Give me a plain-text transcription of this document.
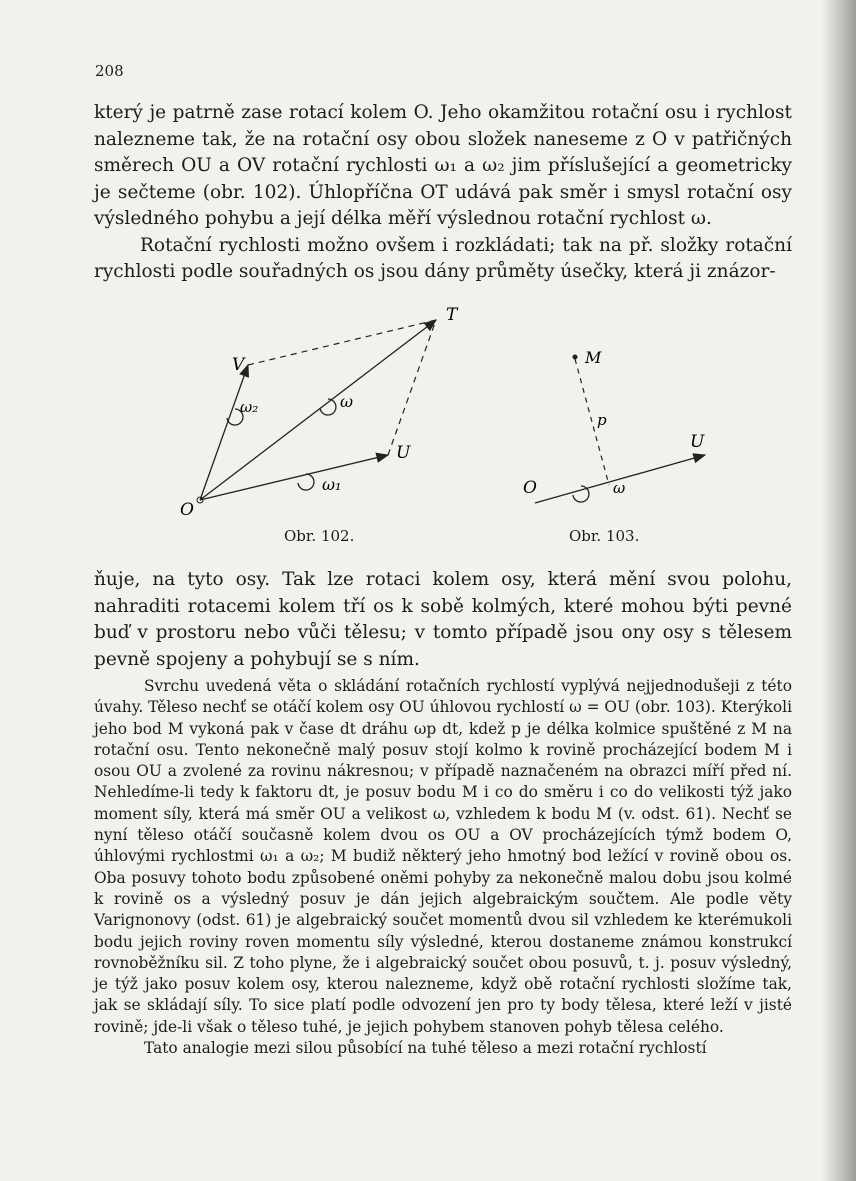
208

který je patrně zase rotací kolem O. Jeho okamžitou rotační osu i rychlost nalezneme tak, že na rotační osy obou složek naneseme z O v patřičných směrech OU a OV rotační rychlosti ω₁ a ω₂ jim příslušející a geometricky je sečteme (obr. 102). Úhlopříčna OT udává pak směr i smysl rotační osy výsledného pohybu a její délka měří výslednou rotační rychlost ω.

Rotační rychlosti možno ovšem i rozkládati; tak na př. složky rotační rychlosti podle souřadných os jsou dány průměty úsečky, která ji znázor-

T
V
U
O
ω
ω₁
ω₂
M
p
U
O	ω
Obr. 102.	Obr. 103.

ňuje, na tyto osy. Tak lze rotaci kolem osy, která mění svou polohu, nahraditi rotacemi kolem tří os k sobě kolmých, které mohou býti pevné buď v prostoru nebo vůči tělesu; v tomto případě jsou ony osy s tělesem pevně spojeny a pohybují se s ním.

Svrchu uvedená věta o skládání rotačních rychlostí vyplývá nejjednodušeji z této úvahy. Těleso nechť se otáčí kolem osy OU úhlovou rychlostí ω = OU (obr. 103). Kterýkoli jeho bod M vykoná pak v čase dt dráhu ωp dt, kdež p je délka kolmice spuštěné z M na rotační osu. Tento nekonečně malý posuv stojí kolmo k rovině procházející bodem M i osou OU a zvolené za rovinu nákresnou; v případě naznačeném na obrazci míří před ní. Nehledíme-li tedy k faktoru dt, je posuv bodu M i co do směru i co do velikosti týž jako moment síly, která má směr OU a velikost ω, vzhledem k bodu M (v. odst. 61). Nechť se nyní těleso otáčí současně kolem dvou os OU a OV procházejících týmž bodem O, úhlovými rychlostmi ω₁ a ω₂; M budiž některý jeho hmotný bod ležící v rovině obou os. Oba posuvy tohoto bodu způsobené oněmi pohyby za nekonečně malou dobu jsou kolmé k rovině os a výsledný posuv je dán jejich algebraickým součtem. Ale podle věty Varignonovy (odst. 61) je algebraický součet momentů dvou sil vzhledem ke kterémukoli bodu jejich roviny roven momentu síly výsledné, kterou dostaneme známou konstrukcí rovnoběžníku sil. Z toho plyne, že i algebraický součet obou posuvů, t. j. posuv výsledný, je týž jako posuv kolem osy, kterou nalezneme, když obě rotační rychlosti složíme tak, jak se skládají síly. To sice platí podle odvození jen pro ty body tělesa, které leží v jisté rovině; jde-li však o těleso tuhé, je jejich pohybem stanoven pohyb tělesa celého.

Tato analogie mezi silou působící na tuhé těleso a mezi rotační rychlostí
